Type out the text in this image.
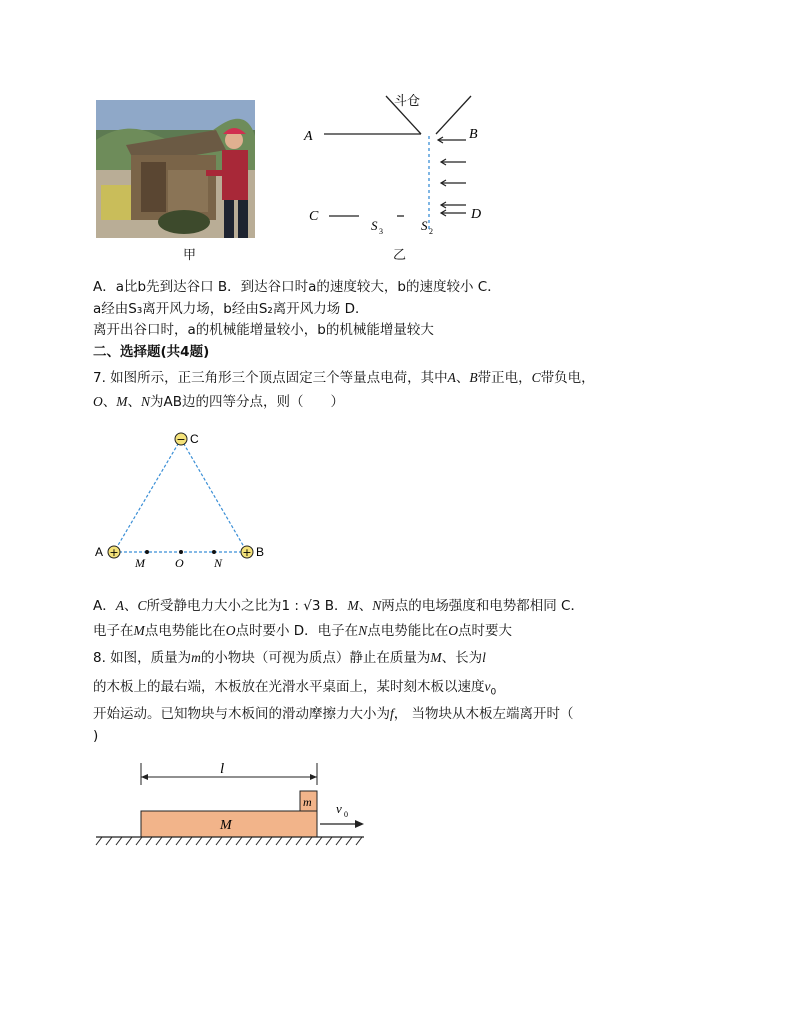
甲
斗仓
A	B
C	D
S 3	S 2
乙
A．a比b先到达谷口 B．到达谷口时a的速度较大，b的速度较小 C．
a经由S₃离开风力场，b经由S₂离开风力场 D．
离开出谷口时，a的机械能增量较小，b的机械能增量较大
二、选择题(共4题)
7. 如图所示，正三角形三个顶点固定三个等量点电荷，其中A、B带正电，C带负电，
O、M、N为AB边的四等分点，则（　　）
−
+	+
C
A	B
M	O	N
A．A、C所受静电力大小之比为1 : √3 B．M、N两点的电场强度和电势都相同 C．
电子在M点电势能比在O点时要小 D．电子在N点电势能比在O点时要大
8. 如图，质量为m的小物块（可视为质点）静止在质量为M、长为l
的木板上的最右端，木板放在光滑水平桌面上，某时刻木板以速度$v_0$
开始运动。已知物块与木板间的滑动摩擦力大小为f， 当物块从木板左端离开时（
)
l
m
M
v 0
